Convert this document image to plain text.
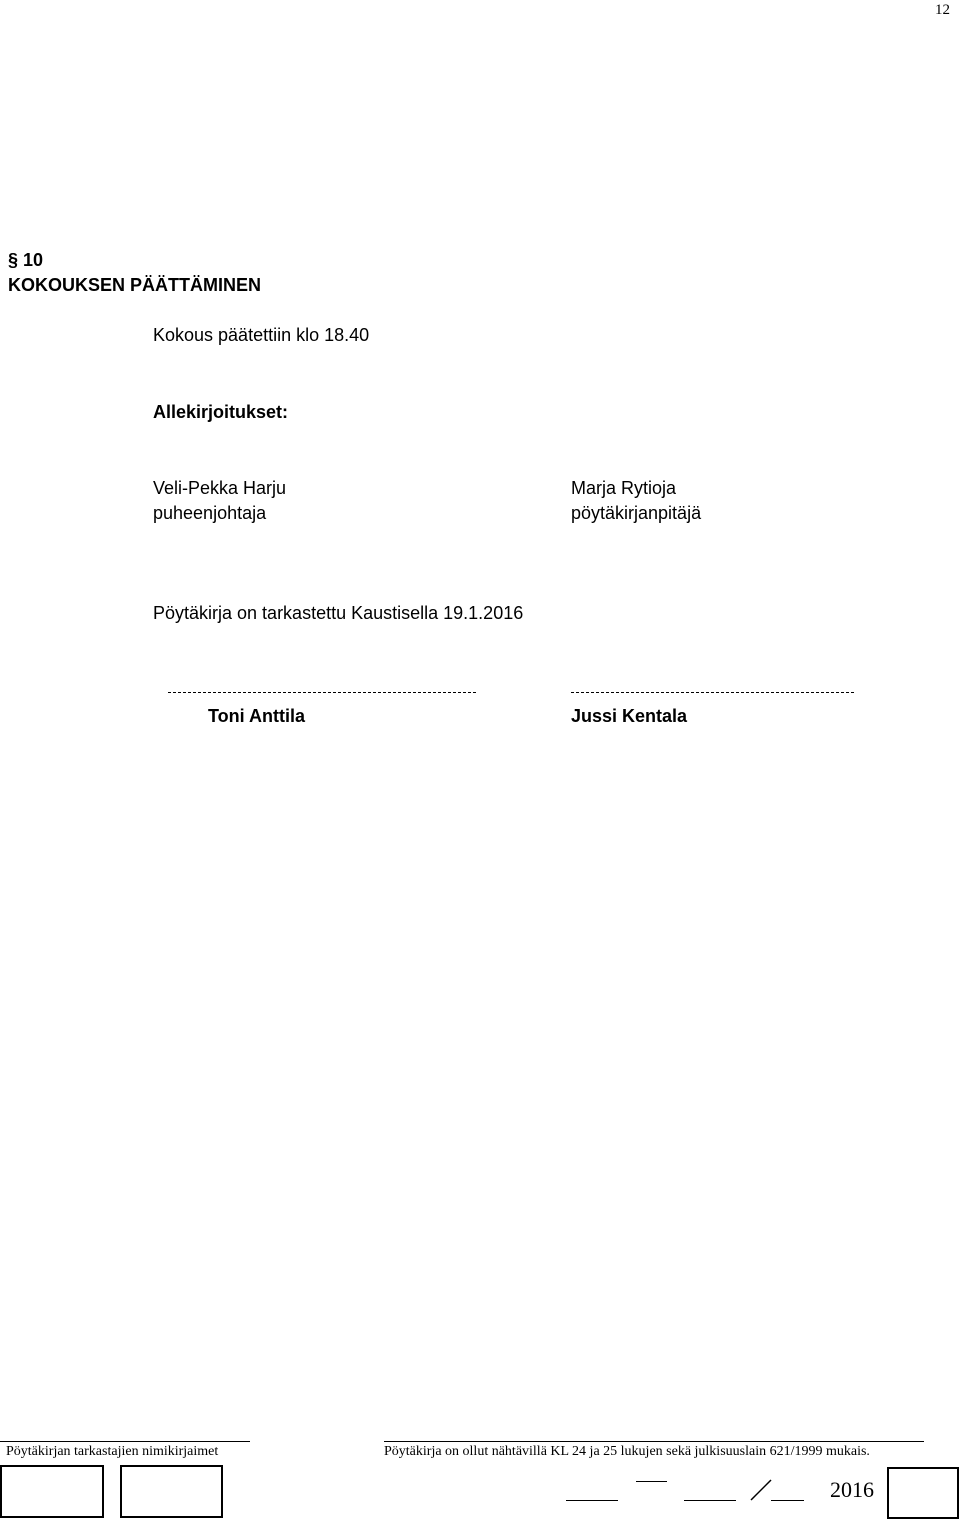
12
§ 10
KOKOUKSEN PÄÄTTÄMINEN
Kokous päätettiin klo 18.40
Allekirjoitukset:
Veli-Pekka Harju
puheenjohtaja
Marja Rytioja
pöytäkirjanpitäjä
Pöytäkirja on tarkastettu Kaustisella 19.1.2016
Toni Anttila	Jussi Kentala
Pöytäkirjan tarkastajien nimikirjaimet	Pöytäkirja on ollut nähtävillä KL 24 ja 25 lukujen sekä julkisuuslain 621/1999 mukais.
2016
